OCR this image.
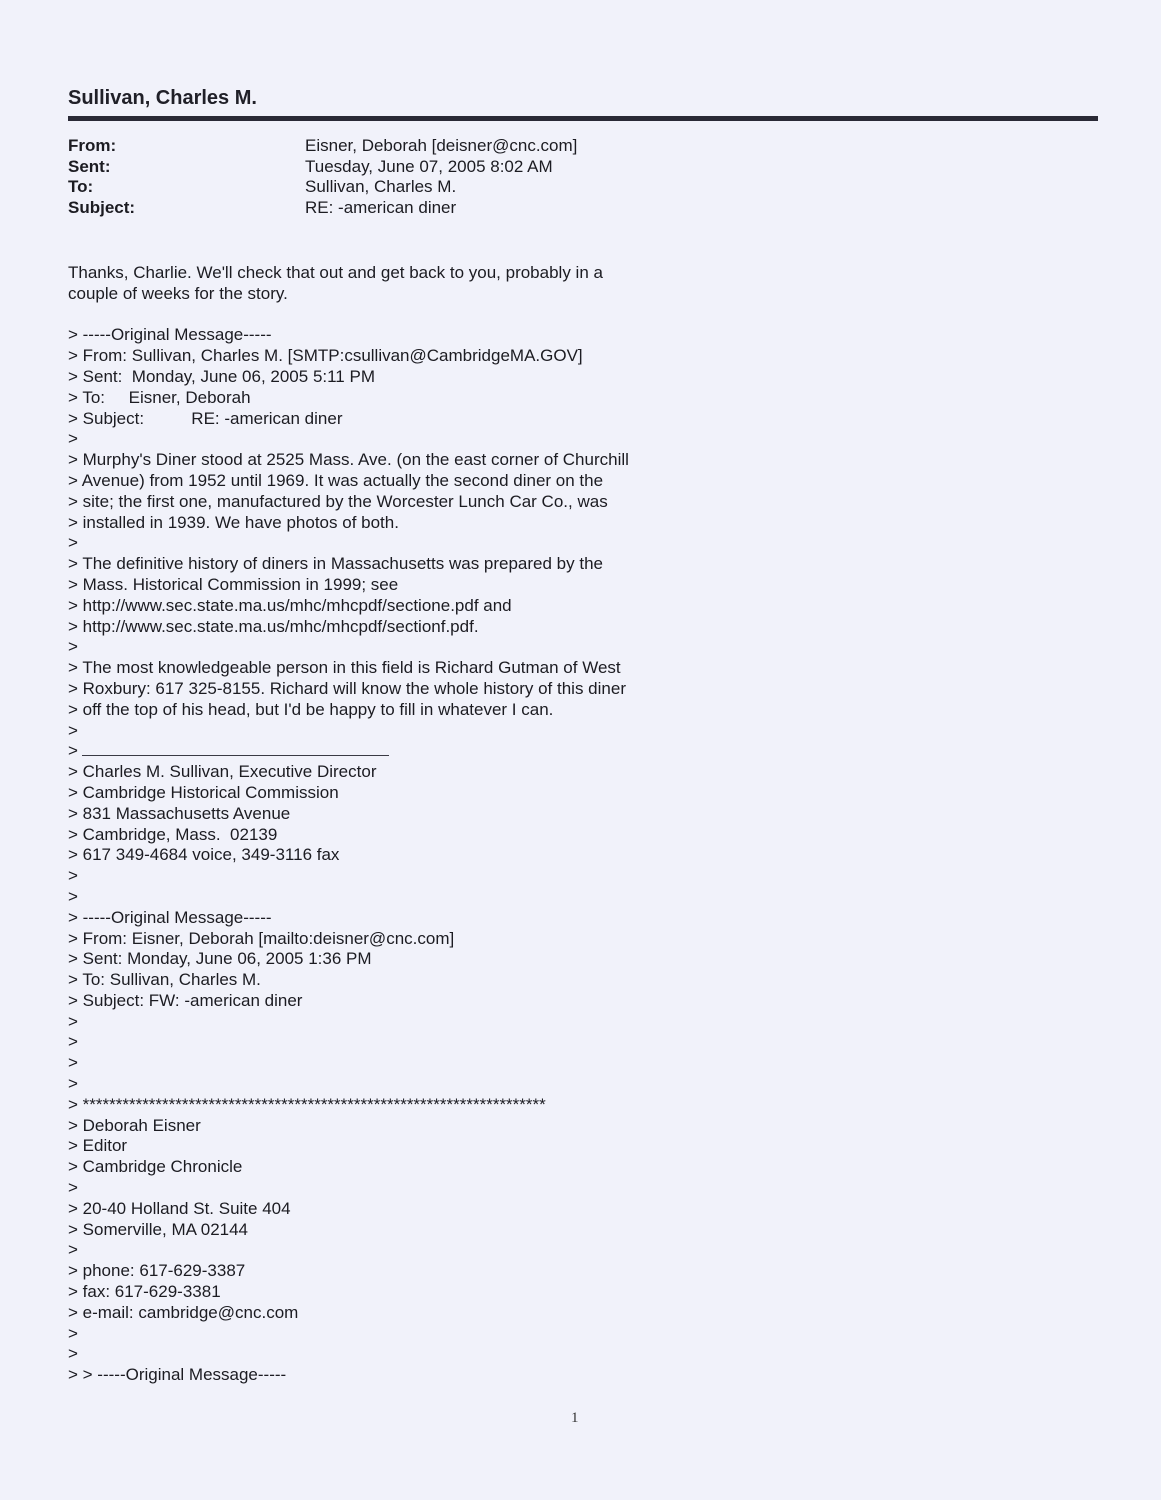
Sullivan, Charles M.
From:	Eisner, Deborah [deisner@cnc.com]
Sent:	Tuesday, June 07, 2005 8:02 AM
To:	Sullivan, Charles M.
Subject:	RE: -american diner
Thanks, Charlie. We'll check that out and get back to you, probably in a
couple of weeks for the story.
> -----Original Message-----
> From: Sullivan, Charles M. [SMTP:csullivan@CambridgeMA.GOV]
> Sent:  Monday, June 06, 2005 5:11 PM
> To:     Eisner, Deborah
> Subject:          RE: -american diner
>
> Murphy's Diner stood at 2525 Mass. Ave. (on the east corner of Churchill
> Avenue) from 1952 until 1969. It was actually the second diner on the
> site; the first one, manufactured by the Worcester Lunch Car Co., was
> installed in 1939. We have photos of both.
>
> The definitive history of diners in Massachusetts was prepared by the
> Mass. Historical Commission in 1999; see
> http://www.sec.state.ma.us/mhc/mhcpdf/sectione.pdf and
> http://www.sec.state.ma.us/mhc/mhcpdf/sectionf.pdf.
>
> The most knowledgeable person in this field is Richard Gutman of West
> Roxbury: 617 325-8155. Richard will know the whole history of this diner
> off the top of his head, but I'd be happy to fill in whatever I can.
>
>
> Charles M. Sullivan, Executive Director
> Cambridge Historical Commission
> 831 Massachusetts Avenue
> Cambridge, Mass.  02139
> 617 349-4684 voice, 349-3116 fax
>
>
> -----Original Message-----
> From: Eisner, Deborah [mailto:deisner@cnc.com]
> Sent: Monday, June 06, 2005 1:36 PM
> To: Sullivan, Charles M.
> Subject: FW: -american diner
>
>
>
>
> **********************************************************************
> Deborah Eisner
> Editor
> Cambridge Chronicle
>
> 20-40 Holland St. Suite 404
> Somerville, MA 02144
>
> phone: 617-629-3387
> fax: 617-629-3381
> e-mail: cambridge@cnc.com
>
>
> > -----Original Message-----
1
